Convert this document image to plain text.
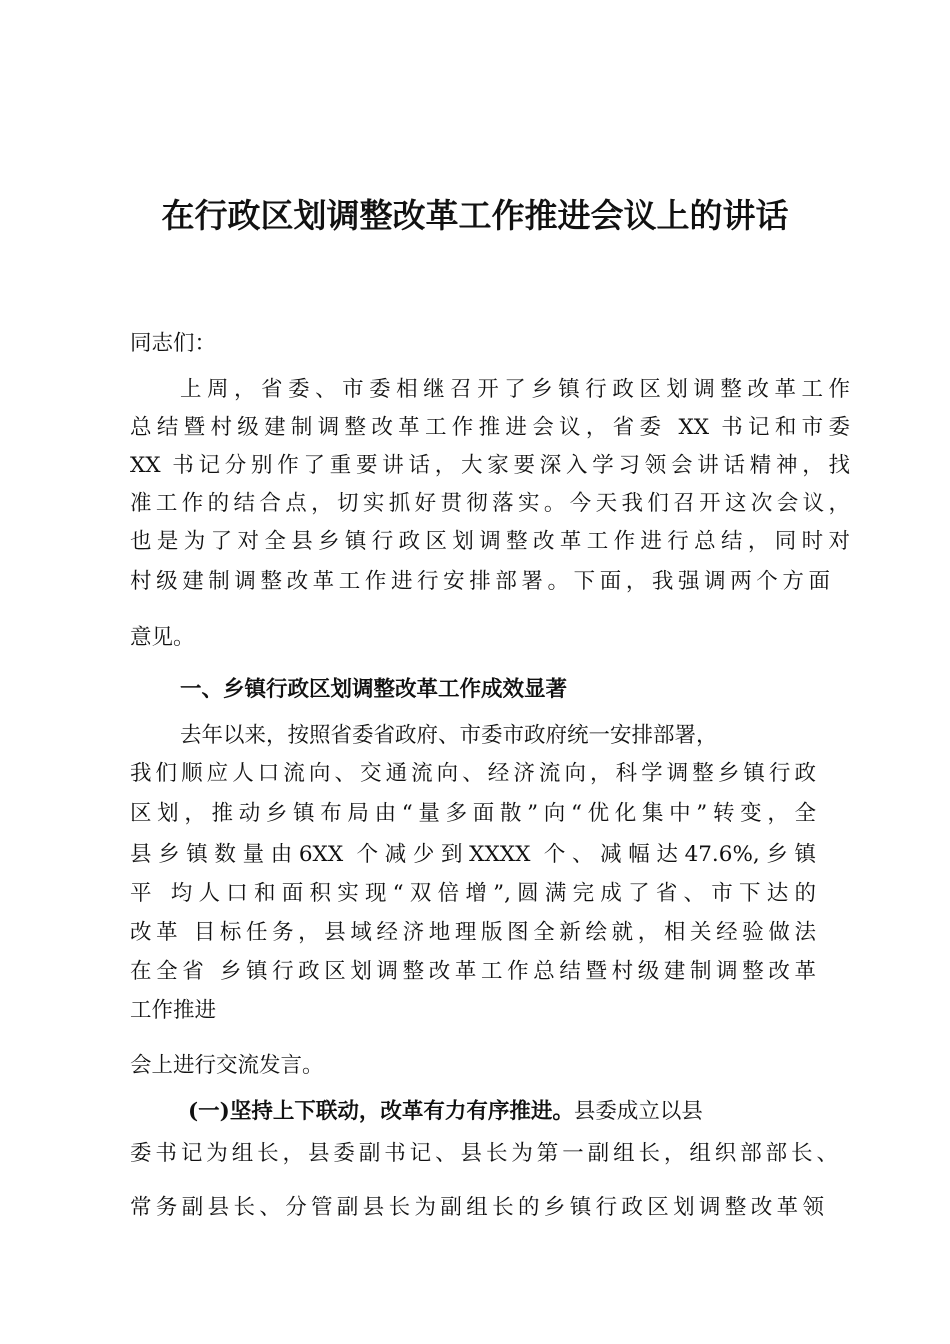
在行政区划调整改革工作推进会议上的讲话
同志们：
上周，省委、市委相继召开了乡镇行政区划调整改革工作
总结暨村级建制调整改革工作推进会议，省委 XX 书记和市委
XX 书记分别作了重要讲话，大家要深入学习领会讲话精神，找
准工作的结合点，切实抓好贯彻落实。今天我们召开这次会议，
也是为了对全县乡镇行政区划调整改革工作进行总结，同时对
村级建制调整改革工作进行安排部署。下面，我强调两个方面
意见。
一、乡镇行政区划调整改革工作成效显著
去年以来，按照省委省政府、市委市政府统一安排部署，
我们顺应人口流向、交通流向、经济流向，科学调整乡镇行政
区划，推动乡镇布局由“量多面散”向“优化集中”转变，全
县乡镇数量由6XX 个减少到XXXX 个、减幅达47.6%,乡镇
平 均人口和面积实现“双倍增”,圆满完成了省、市下达的
改革 目标任务，县域经济地理版图全新绘就，相关经验做法
在全省 乡镇行政区划调整改革工作总结暨村级建制调整改革
工作推进
会上进行交流发言。
(一)坚持上下联动，改革有力有序推进。县委成立以县
委书记为组长，县委副书记、县长为第一副组长，组织部部长、
常务副县长、分管副县长为副组长的乡镇行政区划调整改革领
